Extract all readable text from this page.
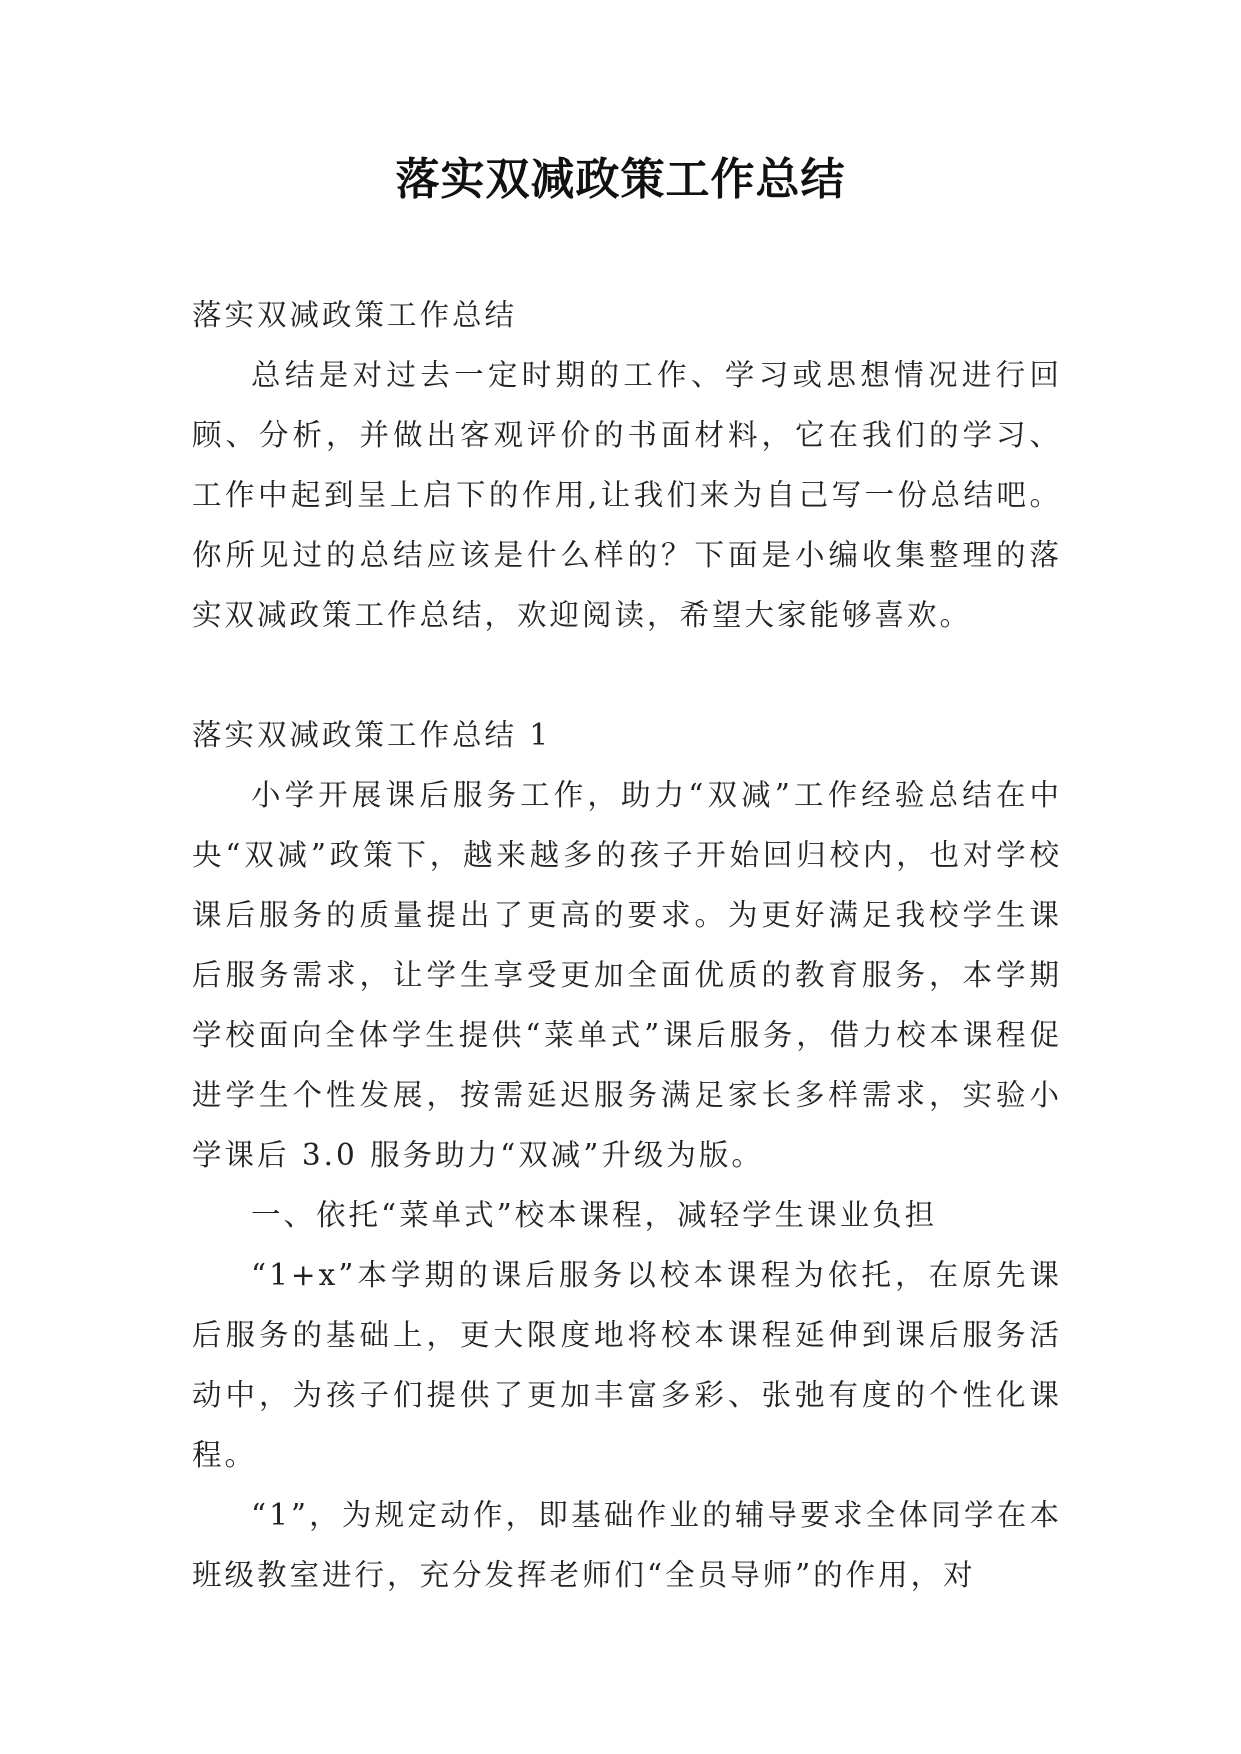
落实双减政策工作总结

落实双减政策工作总结

总结是对过去一定时期的工作、学习或思想情况进行回顾、分析，并做出客观评价的书面材料，它在我们的学习、工作中起到呈上启下的作用,让我们来为自己写一份总结吧。你所见过的总结应该是什么样的？下面是小编收集整理的落实双减政策工作总结，欢迎阅读，希望大家能够喜欢。

落实双减政策工作总结 1

小学开展课后服务工作，助力“双减”工作经验总结在中央“双减”政策下，越来越多的孩子开始回归校内，也对学校课后服务的质量提出了更高的要求。为更好满足我校学生课后服务需求，让学生享受更加全面优质的教育服务，本学期学校面向全体学生提供“菜单式”课后服务，借力校本课程促进学生个性发展，按需延迟服务满足家长多样需求，实验小学课后 3.0 服务助力“双减”升级为版。

一、依托“菜单式”校本课程，减轻学生课业负担

“1+x”本学期的课后服务以校本课程为依托，在原先课后服务的基础上，更大限度地将校本课程延伸到课后服务活动中，为孩子们提供了更加丰富多彩、张弛有度的个性化课程。

“1”，为规定动作，即基础作业的辅导要求全体同学在本班级教室进行，充分发挥老师们“全员导师”的作用，对
